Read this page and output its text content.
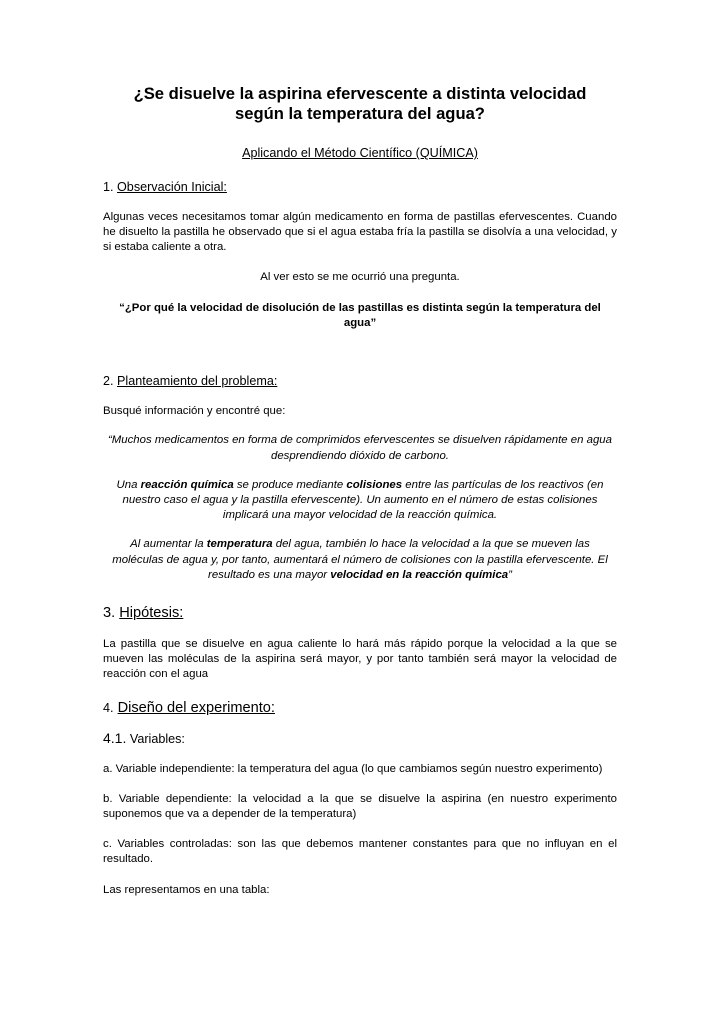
¿Se disuelve la aspirina efervescente a distinta velocidad
según la temperatura del agua?

Aplicando el Método Científico (QUÍMICA)

1. Observación Inicial:

Algunas veces necesitamos tomar algún medicamento en forma de pastillas efervescentes. Cuando he disuelto la pastilla he observado que si el agua estaba fría la pastilla se disolvía a una velocidad, y si estaba caliente a otra.

Al ver esto se me ocurrió una pregunta.

“¿Por qué la velocidad de disolución de las pastillas es distinta según la temperatura del agua”

2. Planteamiento del problema:

Busqué información y encontré que:

“Muchos medicamentos en forma de comprimidos efervescentes se disuelven rápidamente en agua desprendiendo dióxido de carbono.

Una reacción química se produce mediante colisiones entre las partículas de los reactivos (en nuestro caso el agua y la pastilla efervescente). Un aumento en el número de estas colisiones implicará una mayor velocidad de la reacción química.

Al aumentar la temperatura del agua, también lo hace la velocidad a la que se mueven las moléculas de agua y, por tanto, aumentará el número de colisiones con la pastilla efervescente. El resultado es una mayor velocidad en la reacción química”

3. Hipótesis:

La pastilla que se disuelve en agua caliente lo hará más rápido porque la velocidad a la que se mueven las moléculas de la aspirina será mayor, y por tanto también será mayor la velocidad de reacción con el agua

4. Diseño del experimento:

4.1. Variables:

a. Variable independiente: la temperatura del agua (lo que cambiamos según nuestro experimento)

b. Variable dependiente: la velocidad a la que se disuelve la aspirina (en nuestro experimento suponemos que va a depender de la temperatura)

c. Variables controladas: son las que debemos mantener constantes para que no influyan en el resultado.

Las representamos en una tabla:
